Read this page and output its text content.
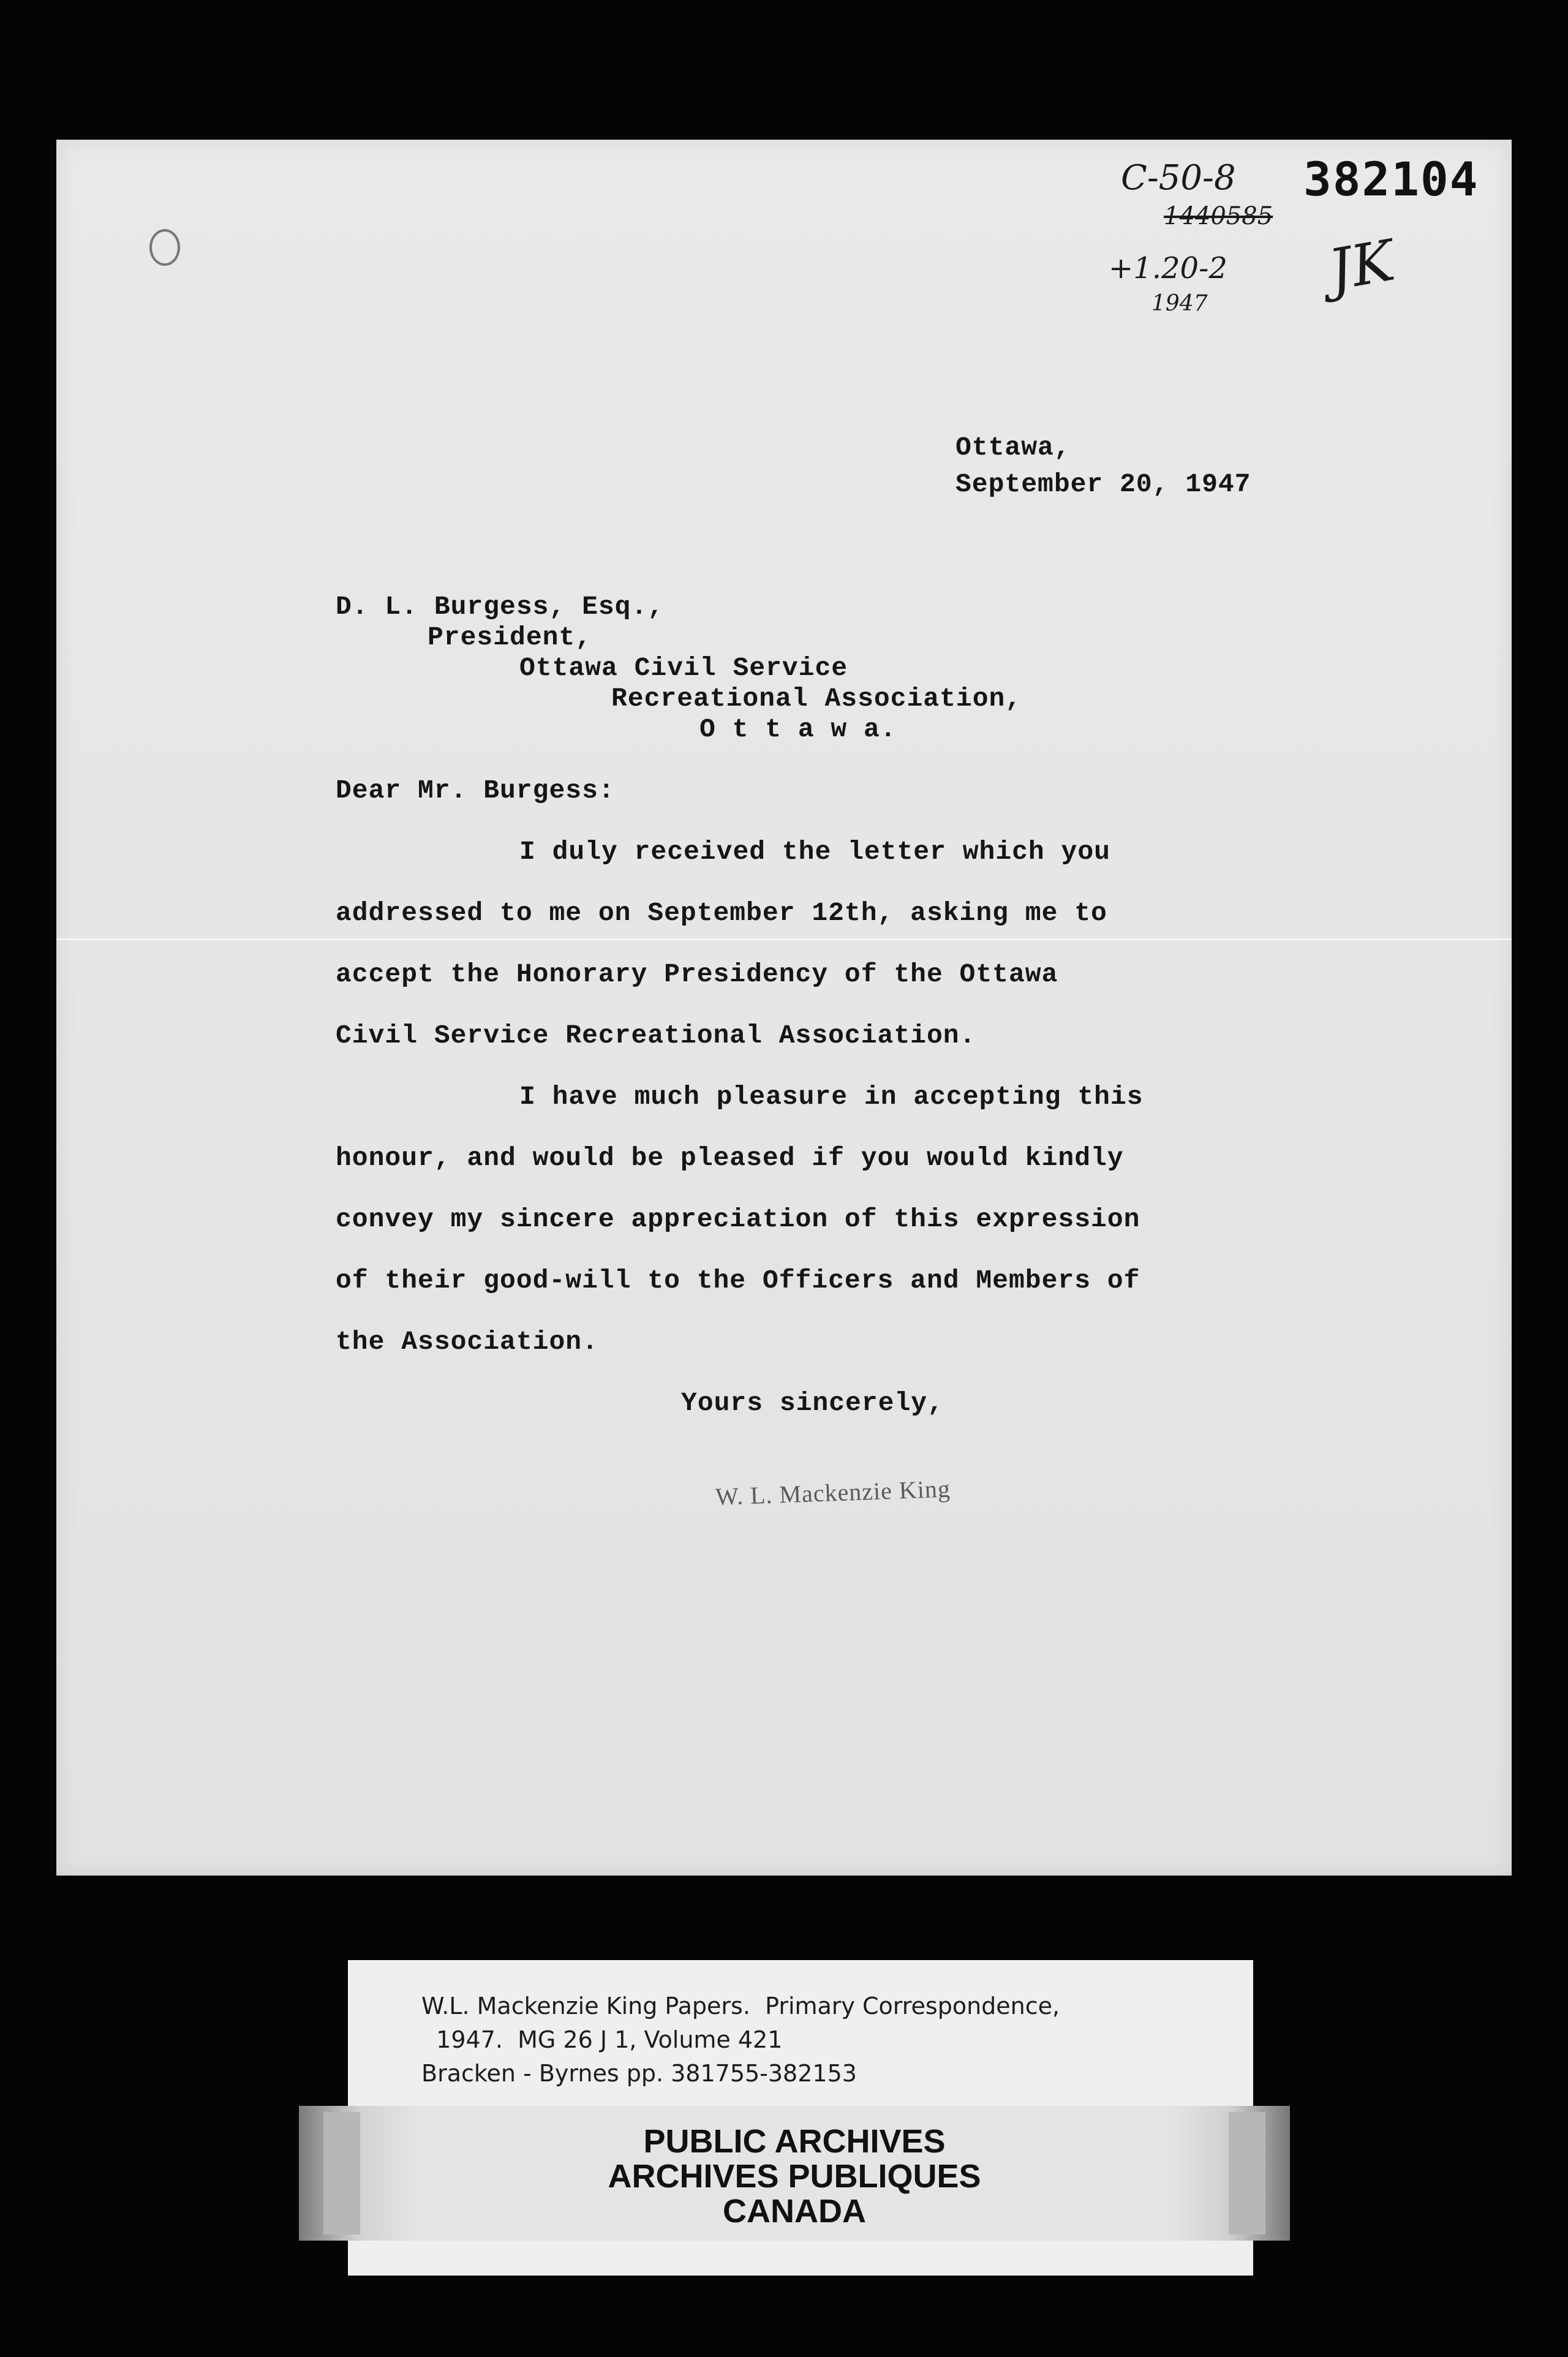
C-50-8
1440585
+1.20-2
1947
JK
382104
Ottawa,
September 20, 1947
D. L. Burgess, Esq.,
President,
Ottawa Civil Service
Recreational Association,
O t t a w a.
Dear Mr. Burgess:
I duly received the letter which you
addressed to me on September 12th, asking me to
accept the Honorary Presidency of the Ottawa
Civil Service Recreational Association.
I have much pleasure in accepting this
honour, and would be pleased if you would kindly
convey my sincere appreciation of this expression
of their good-will to the Officers and Members of
the Association.
Yours sincerely,
W. L. Mackenzie King
W.L. Mackenzie King Papers.  Primary Correspondence,
1947.  MG 26 J 1, Volume 421
Bracken - Byrnes pp. 381755-382153
PUBLIC ARCHIVES
ARCHIVES PUBLIQUES
CANADA
